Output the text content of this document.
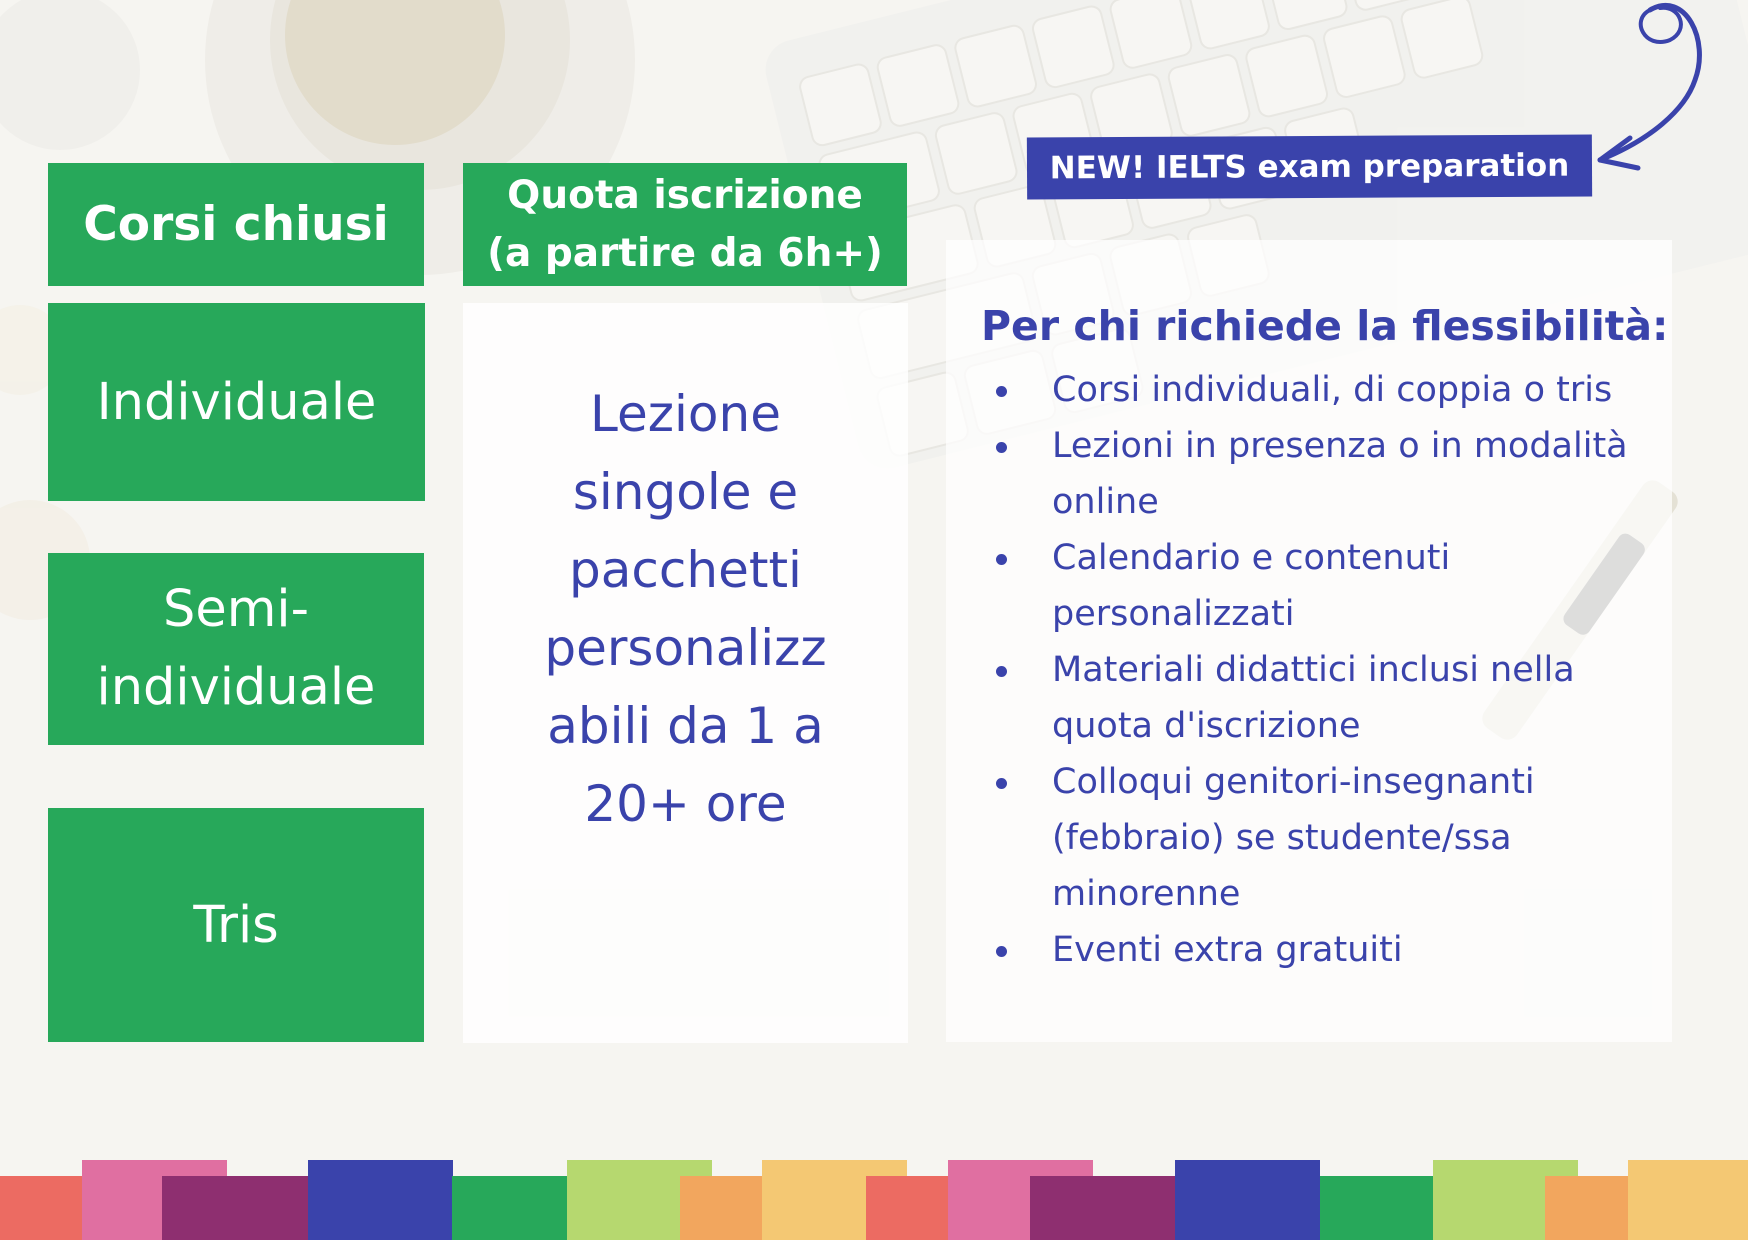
Corsi chiusi
Quota iscrizione
(a partire da 6h+)
Individuale
Semi-
individuale
Tris
Lezione
singole e
pacchetti
personalizz
abili da 1 a
20+ ore
Per chi richiede la flessibilità:
Corsi individuali, di coppia o tris
Lezioni in presenza o in modalità online
Calendario e contenuti personalizzati
Materiali didattici inclusi nella quota d'iscrizione
Colloqui genitori-insegnanti (febbraio) se studente/ssa minorenne
Eventi extra gratuiti
NEW! IELTS exam preparation
